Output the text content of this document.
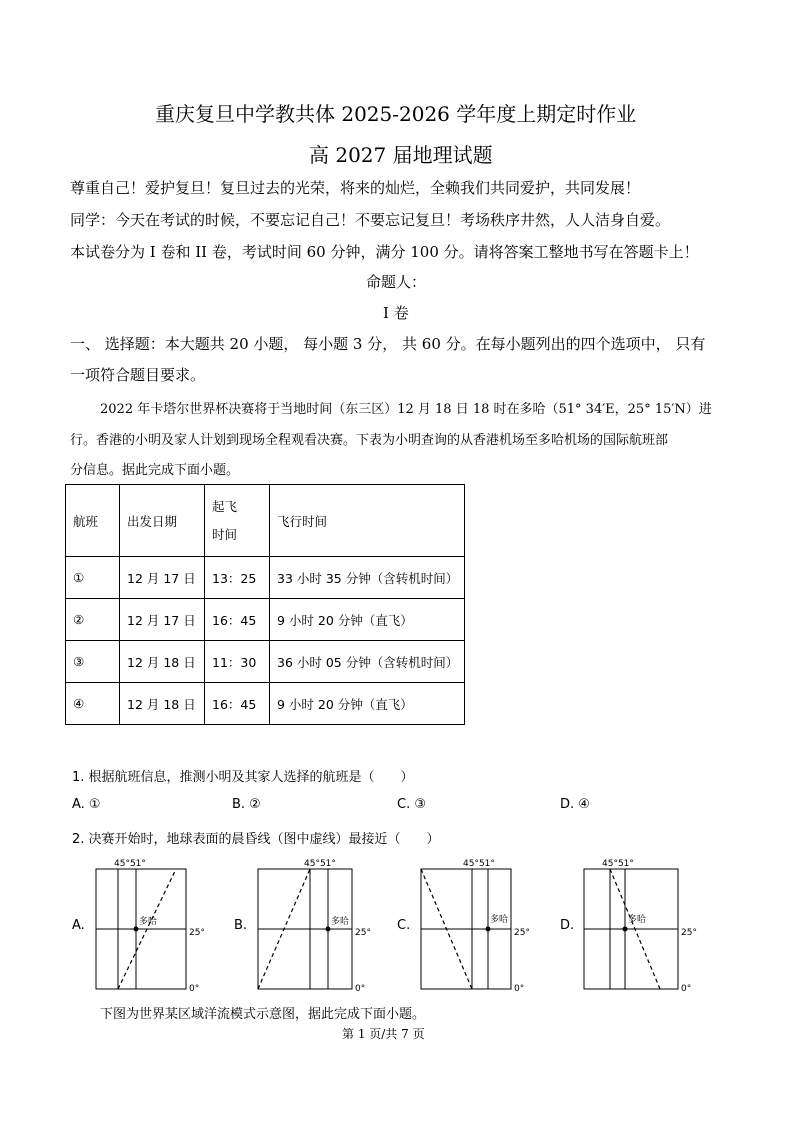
重庆复旦中学教共体 2025-2026 学年度上期定时作业
高 2027 届地理试题
尊重自己！爱护复旦！复旦过去的光荣，将来的灿烂，全赖我们共同爱护，共同发展！
同学：今天在考试的时候，不要忘记自己！不要忘记复旦！考场秩序井然，人人洁身自爱。
本试卷分为 I 卷和 II 卷，考试时间 60 分钟，满分 100 分。请将答案工整地书写在答题卡上！
命题人：
I 卷
一、 选择题：本大题共 20 小题， 每小题 3 分， 共 60 分。在每小题列出的四个选项中， 只有
一项符合题目要求。
2022 年卡塔尔世界杯决赛将于当地时间（东三区）12 月 18 日 18 时在多哈（51° 34′E，25° 15′N）进
行。香港的小明及家人计划到现场全程观看决赛。下表为小明查询的从香港机场至多哈机场的国际航班部
分信息。据此完成下面小题。
航班	出发日期	起飞时间	飞行时间
①	12 月 17 日	13：25	33 小时 35 分钟（含转机时间）
②	12 月 17 日	16：45	9 小时 20 分钟（直飞）
③	12 月 18 日	11：30	36 小时 05 分钟（含转机时间）
④	12 月 18 日	16：45	9 小时 20 分钟（直飞）
1. 根据航班信息，推测小明及其家人选择的航班是（　　）
A. ①	B. ②	C. ③	D. ④
2. 决赛开始时，地球表面的晨昏线（图中虚线）最接近（　　）
A.
45°51°
多哈
25°
0°
B.
45°51°
多哈
25°
0°
C.
45°51°
多哈
25°
0°
D.
45°51°
多哈
25°
0°
下图为世界某区域洋流模式示意图，据此完成下面小题。
第 1 页/共 7 页
